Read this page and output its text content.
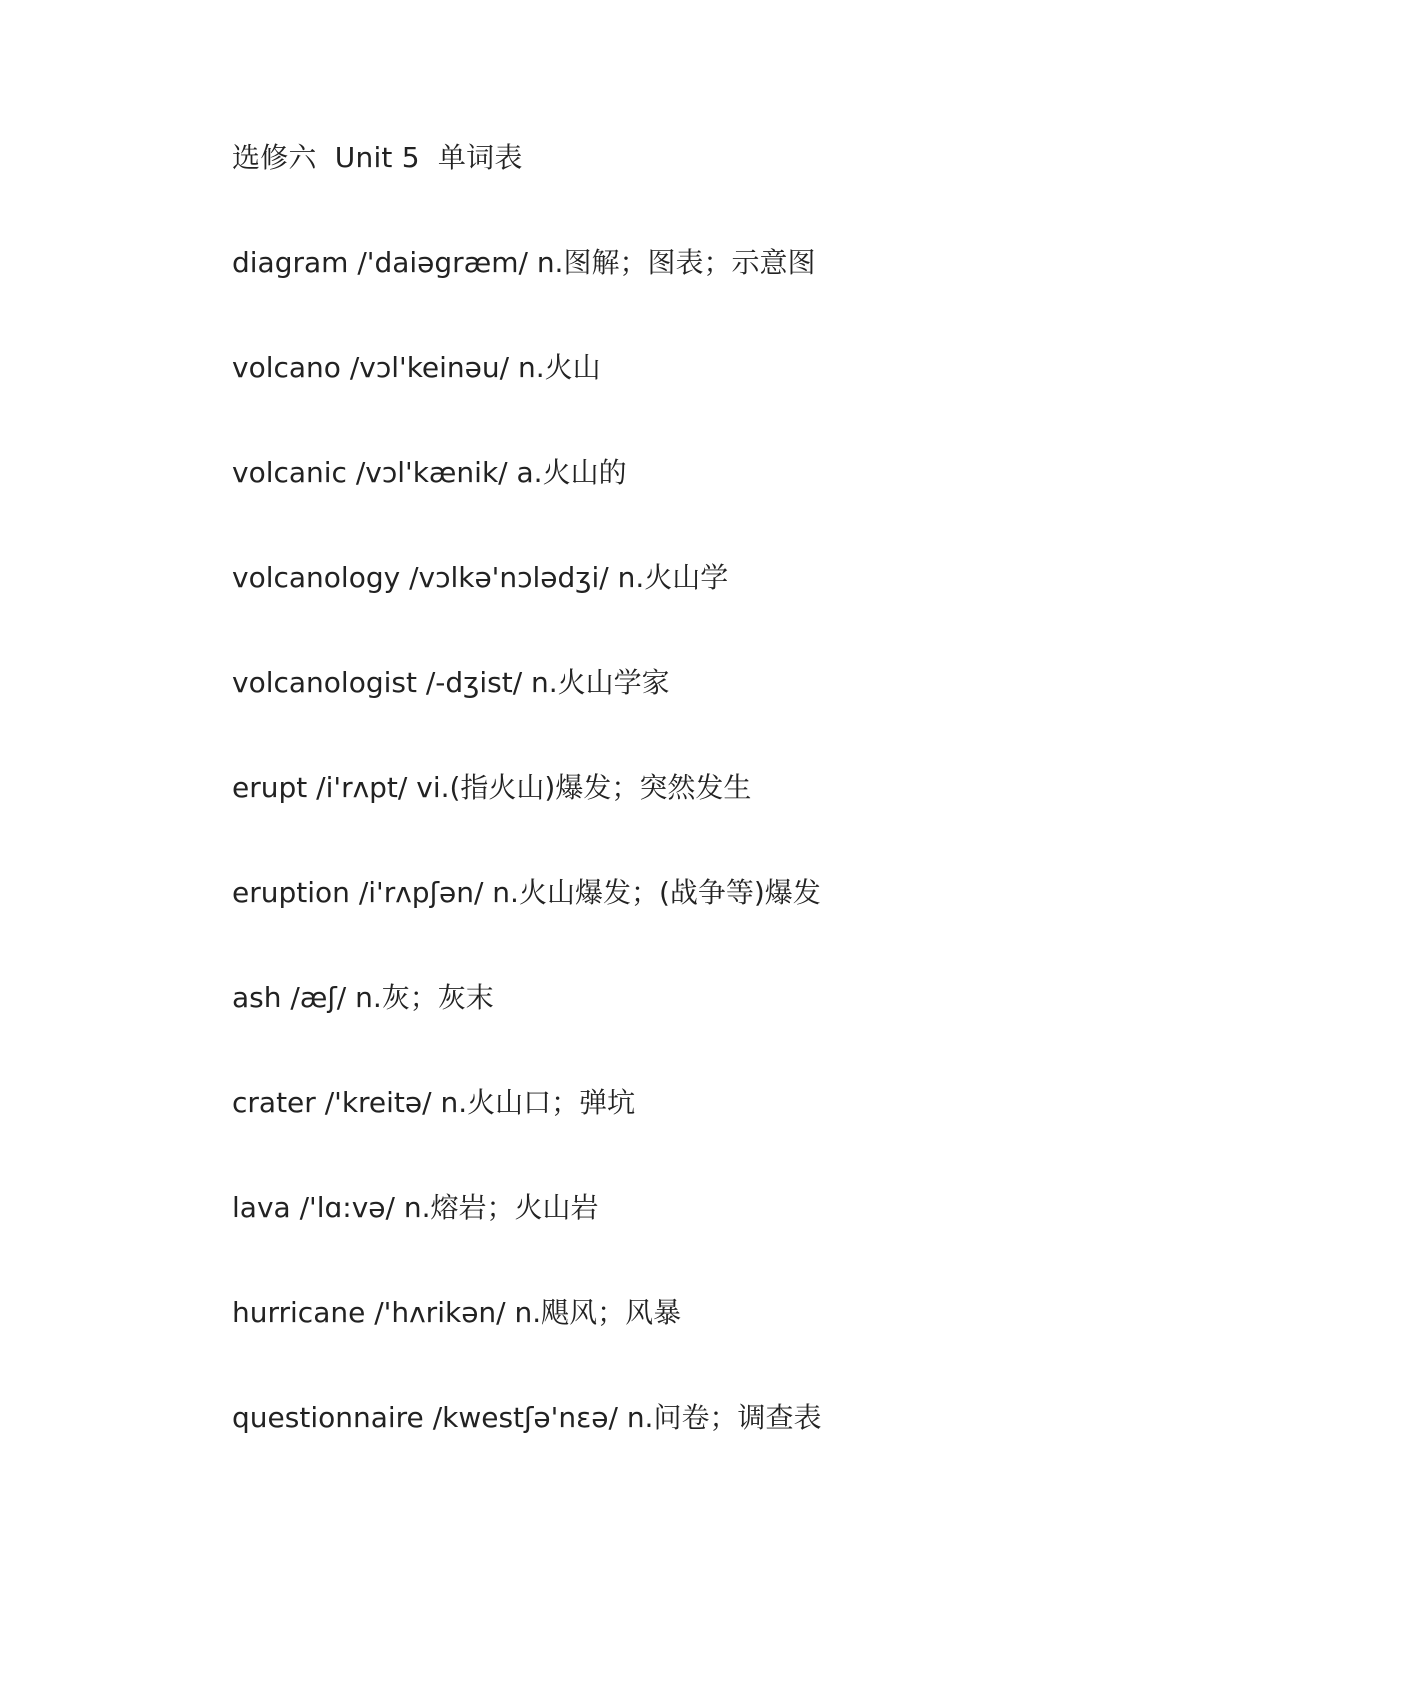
选修六  Unit 5  单词表
diagram /'daiəgræm/ n.图解；图表；示意图
volcano /vɔl'keinəu/ n.火山
volcanic /vɔl'kænik/ a.火山的
volcanology /vɔlkə'nɔlədʒi/ n.火山学
volcanologist /-dʒist/ n.火山学家
erupt /i'rʌpt/ vi.(指火山)爆发；突然发生
eruption /i'rʌpʃən/ n.火山爆发；(战争等)爆发
ash /æʃ/ n.灰；灰末
crater /'kreitə/ n.火山口；弹坑
lava /'lɑ:və/ n.熔岩；火山岩
hurricane /'hʌrikən/ n.飓风；风暴
questionnaire /kwestʃə'nɛə/ n.问卷；调查表
